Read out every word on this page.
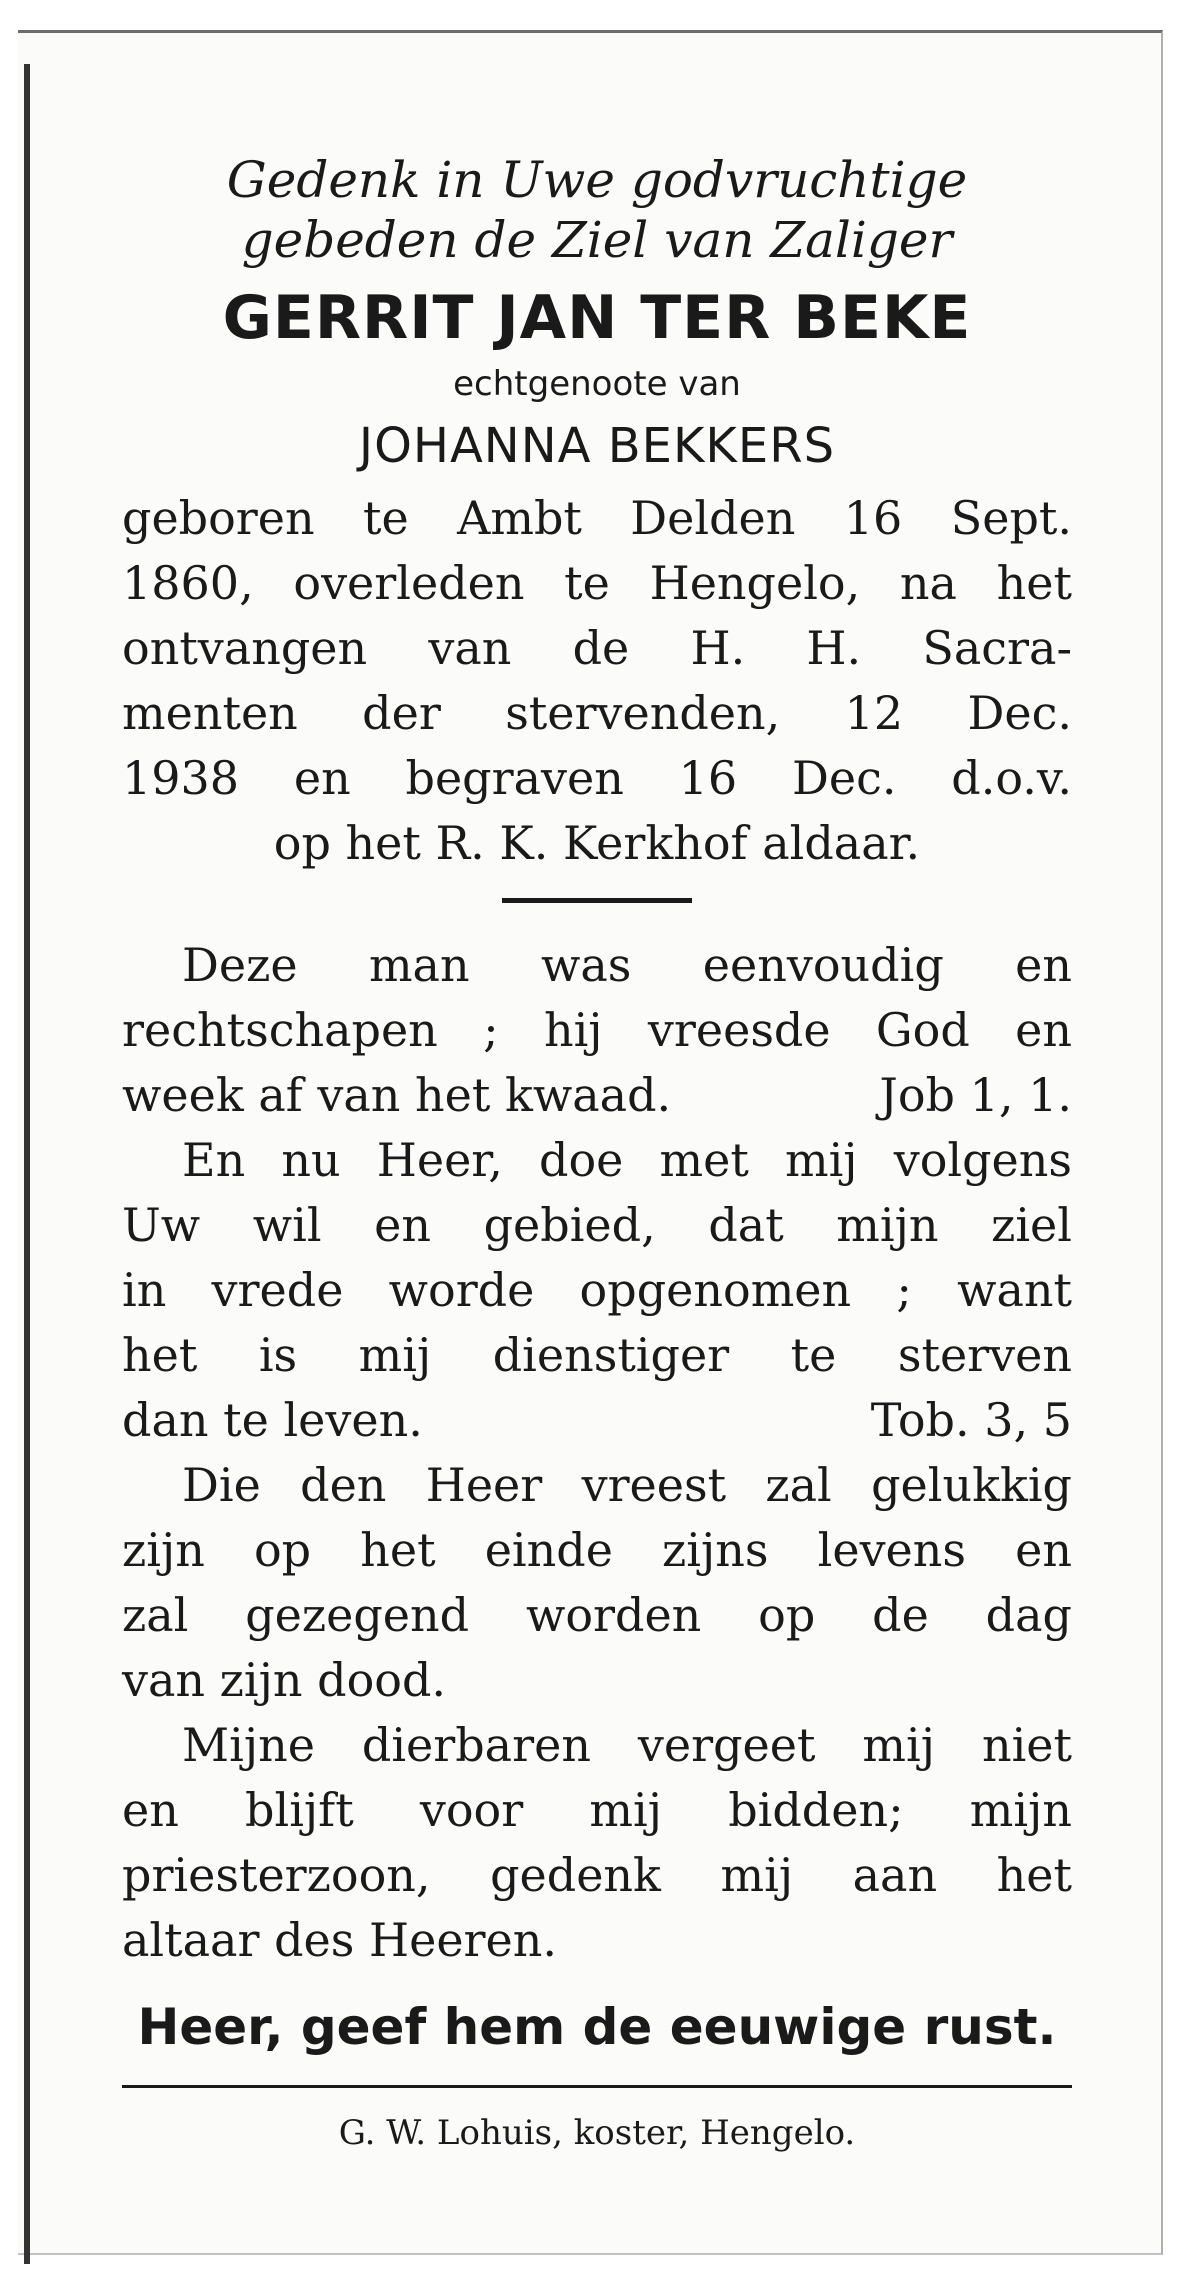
Gedenk in Uwe godvruchtige

gebeden de Ziel van Zaliger

GERRIT JAN TER BEKE

echtgenoote van

JOHANNA BEKKERS

geboren te Ambt Delden 16 Sept.

1860, overleden te Hengelo, na het

ontvangen van de H. H. Sacra-

menten der stervenden, 12 Dec.

1938 en begraven 16 Dec. d.o.v.

op het R. K. Kerkhof aldaar.

Deze man was eenvoudig en

rechtschapen ; hij vreesde God en

week af van het kwaad.	Job 1, 1.

En nu Heer, doe met mij volgens

Uw wil en gebied, dat mijn ziel

in vrede worde opgenomen ; want

het is mij dienstiger te sterven

dan te leven.	Tob. 3, 5

Die den Heer vreest zal gelukkig

zijn op het einde zijns levens en

zal gezegend worden op de dag

van zijn dood.

Mijne dierbaren vergeet mij niet

en blijft voor mij bidden; mijn

priesterzoon, gedenk mij aan het

altaar des Heeren.

Heer, geef hem de eeuwige rust.

G. W. Lohuis, koster, Hengelo.
